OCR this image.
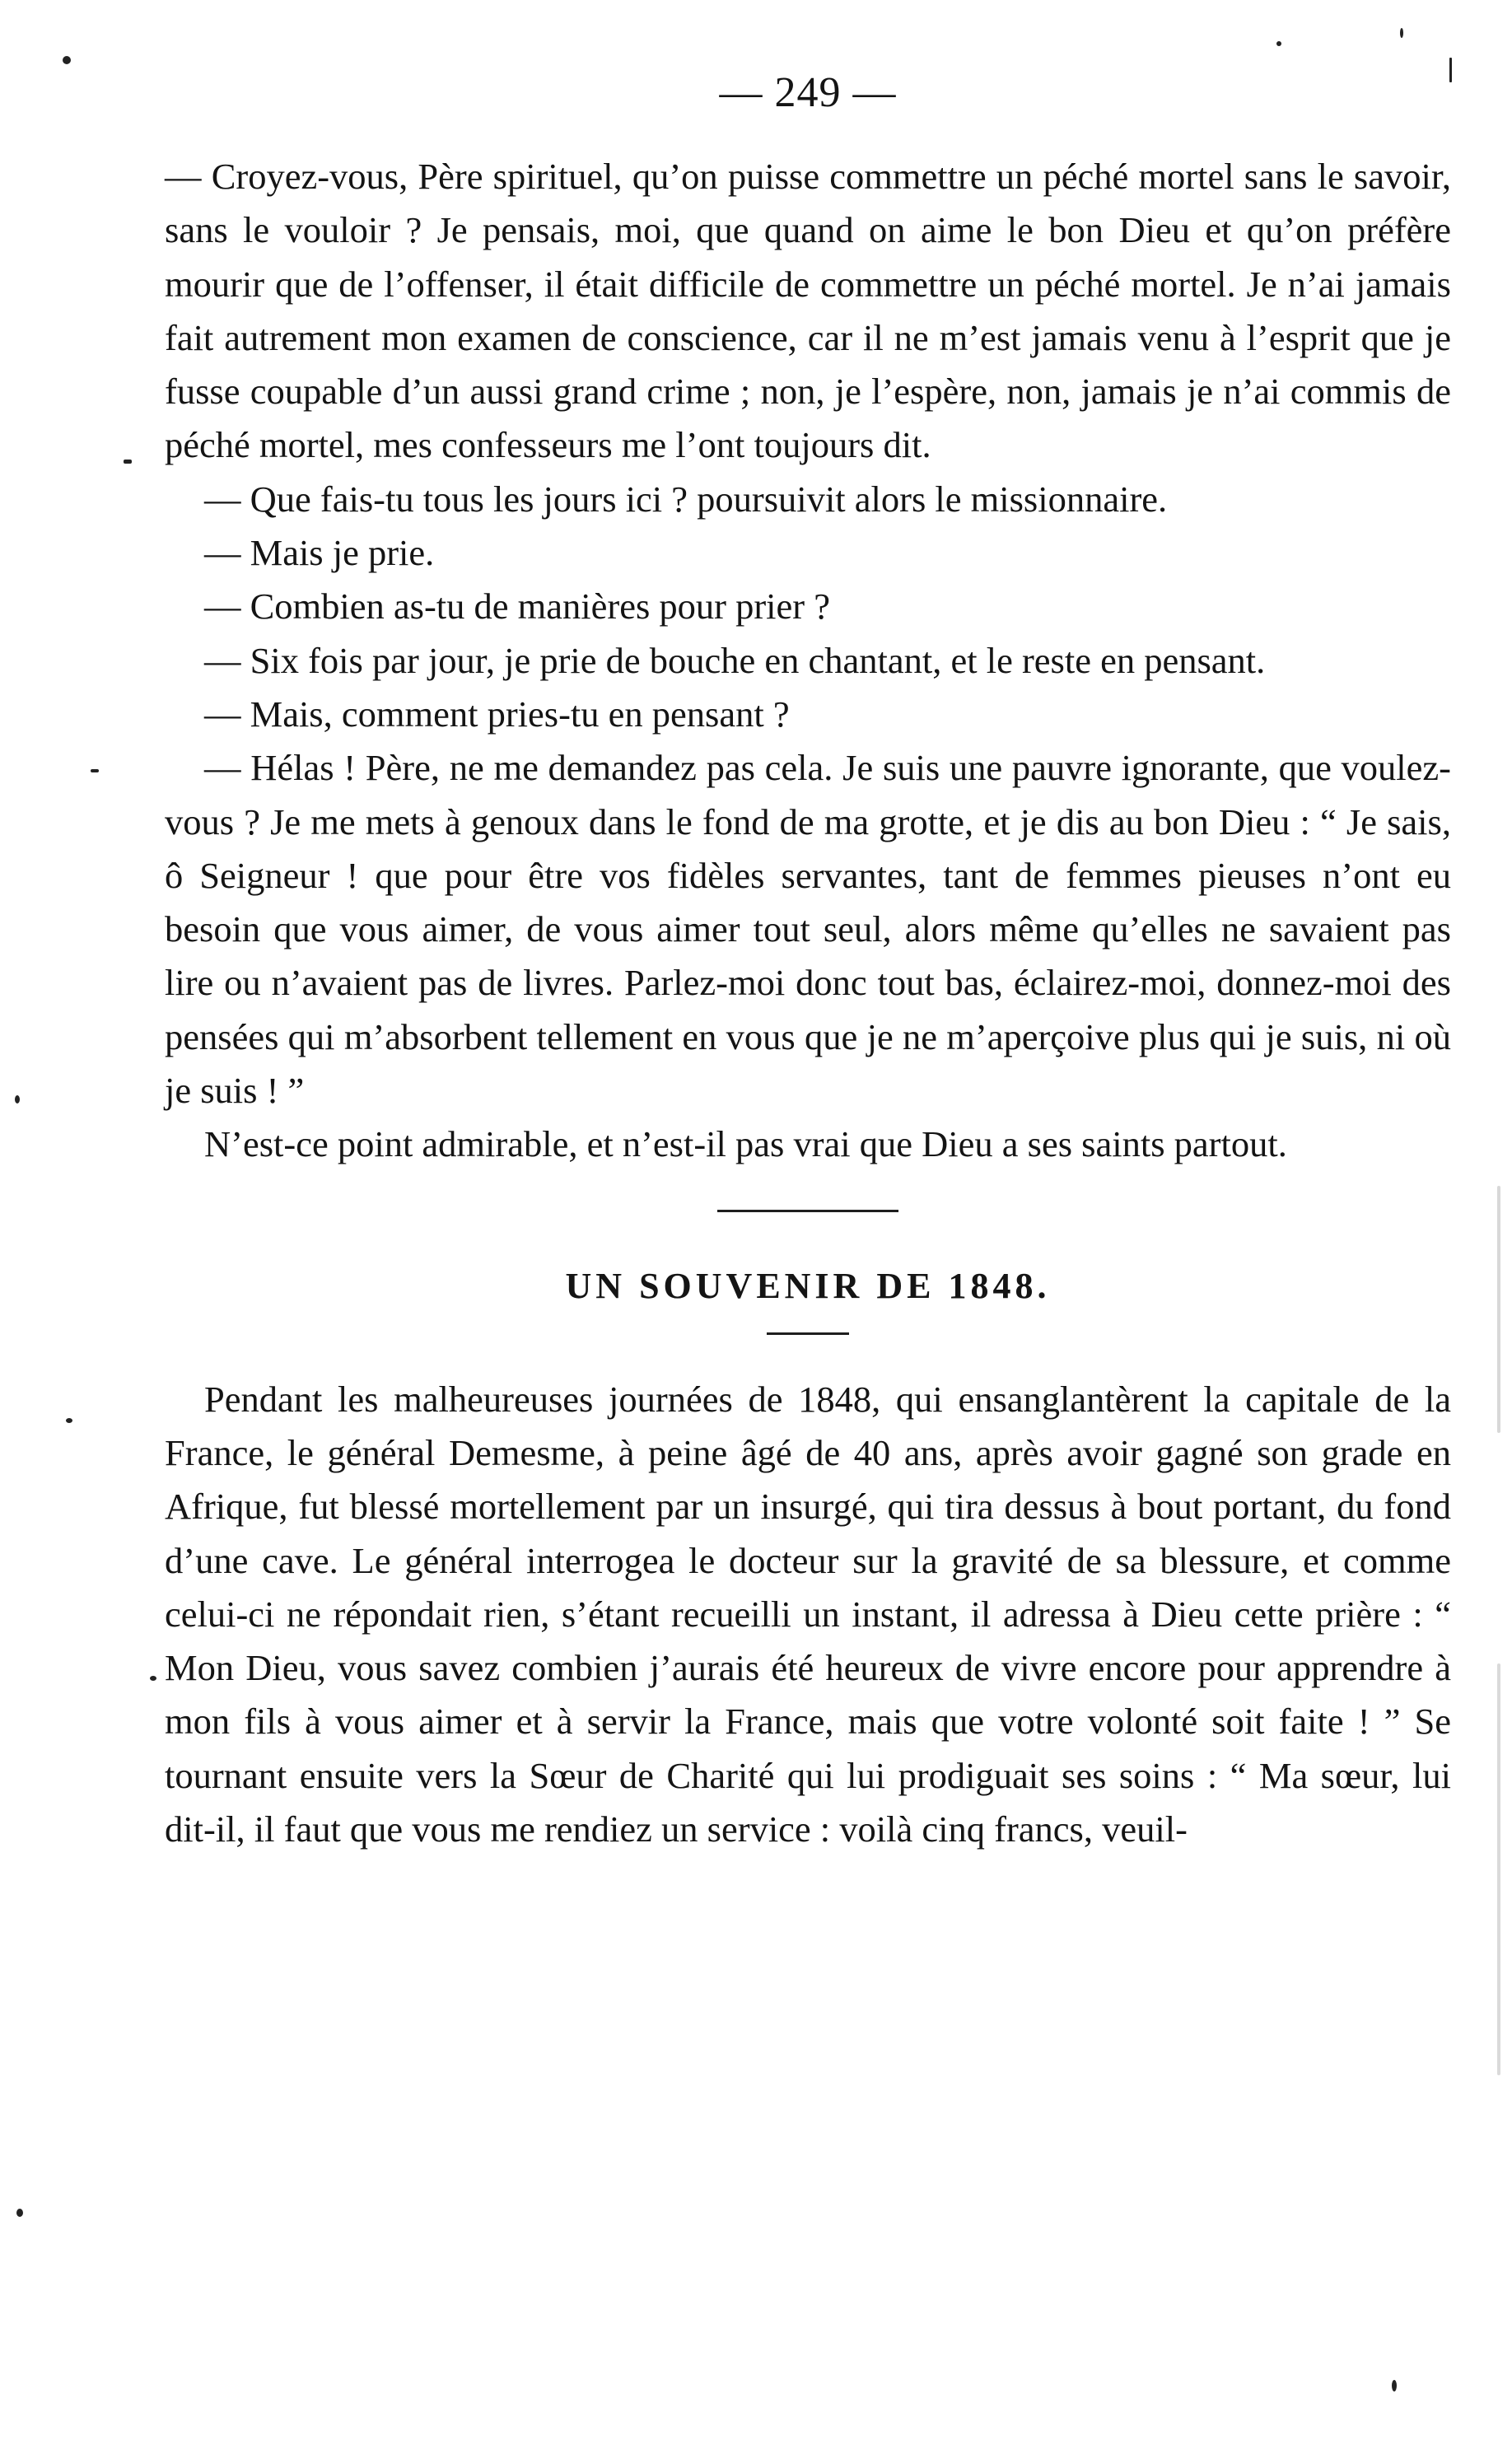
— 249 —

— Croyez-vous, Père spirituel, qu’on puisse commettre un péché mortel sans le savoir, sans le vouloir ? Je pensais, moi, que quand on aime le bon Dieu et qu’on préfère mourir que de l’offenser, il était difficile de commettre un péché mortel. Je n’ai jamais fait autrement mon examen de conscience, car il ne m’est jamais venu à l’esprit que je fusse coupable d’un aussi grand crime ; non, je l’espère, non, jamais je n’ai commis de péché mortel, mes confesseurs me l’ont toujours dit.

— Que fais-tu tous les jours ici ? poursuivit alors le missionnaire.

— Mais je prie.

— Combien as-tu de manières pour prier ?

— Six fois par jour, je prie de bouche en chantant, et le reste en pensant.

— Mais, comment pries-tu en pensant ?

— Hélas ! Père, ne me demandez pas cela. Je suis une pauvre ignorante, que voulez-vous ? Je me mets à genoux dans le fond de ma grotte, et je dis au bon Dieu : “ Je sais, ô Seigneur ! que pour être vos fidèles servantes, tant de femmes pieuses n’ont eu besoin que vous aimer, de vous aimer tout seul, alors même qu’elles ne savaient pas lire ou n’avaient pas de livres. Parlez-moi donc tout bas, éclairez-moi, donnez-moi des pensées qui m’absorbent tellement en vous que je ne m’aperçoive plus qui je suis, ni où je suis ! ”

N’est-ce point admirable, et n’est-il pas vrai que Dieu a ses saints partout.

UN SOUVENIR DE 1848.

Pendant les malheureuses journées de 1848, qui ensanglantèrent la capitale de la France, le général Demesme, à peine âgé de 40 ans, après avoir gagné son grade en Afrique, fut blessé mortellement par un insurgé, qui tira dessus à bout portant, du fond d’une cave. Le général interrogea le docteur sur la gravité de sa blessure, et comme celui-ci ne répondait rien, s’étant recueilli un instant, il adressa à Dieu cette prière : “ Mon Dieu, vous savez combien j’aurais été heureux de vivre encore pour apprendre à mon fils à vous aimer et à servir la France, mais que votre volonté soit faite ! ” Se tournant ensuite vers la Sœur de Charité qui lui prodiguait ses soins : “ Ma sœur, lui dit-il, il faut que vous me rendiez un service : voilà cinq francs, veuil-
